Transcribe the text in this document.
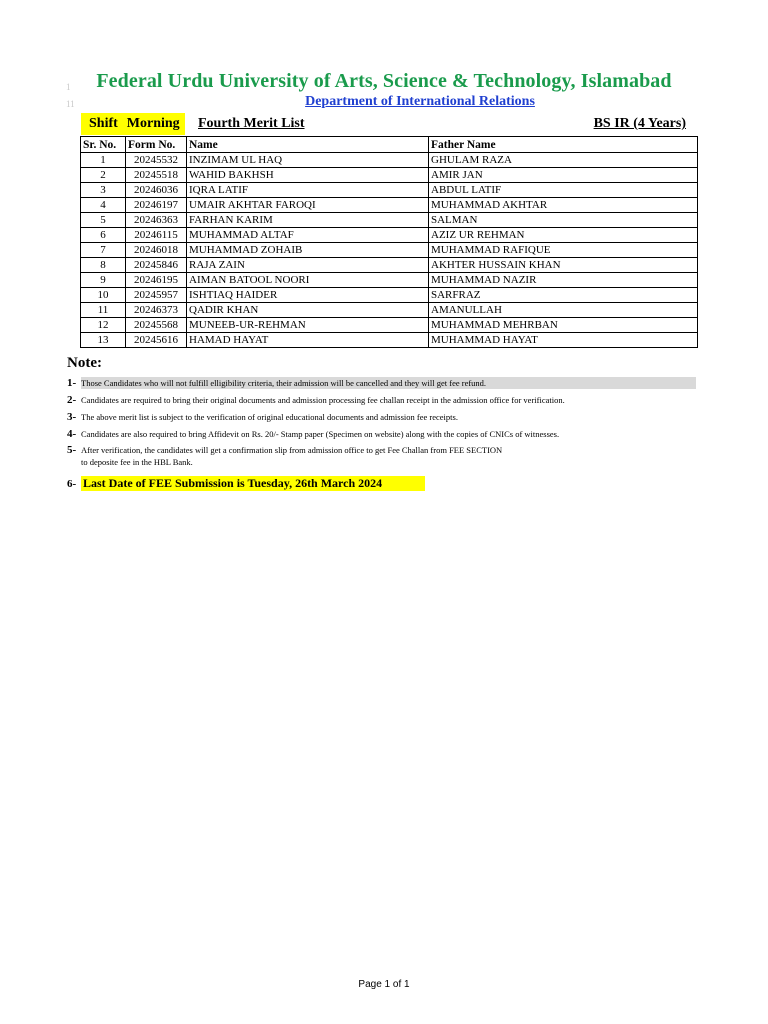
1
11
Federal Urdu University of Arts, Science & Technology, Islamabad
Department of International Relations
Shift Morning Fourth Merit List	BS IR (4 Years)
Sr. No.	Form No.	Name	Father Name
1	20245532	INZIMAM UL HAQ	GHULAM RAZA
2	20245518	WAHID BAKHSH	AMIR JAN
3	20246036	IQRA LATIF	ABDUL LATIF
4	20246197	UMAIR AKHTAR FAROQI	MUHAMMAD AKHTAR
5	20246363	FARHAN KARIM	SALMAN
6	20246115	MUHAMMAD ALTAF	AZIZ UR REHMAN
7	20246018	MUHAMMAD ZOHAIB	MUHAMMAD RAFIQUE
8	20245846	RAJA ZAIN	AKHTER HUSSAIN KHAN
9	20246195	AIMAN BATOOL NOORI	MUHAMMAD NAZIR
10	20245957	ISHTIAQ HAIDER	SARFRAZ
11	20246373	QADIR KHAN	AMANULLAH
12	20245568	MUNEEB-UR-REHMAN	MUHAMMAD MEHRBAN
13	20245616	HAMAD HAYAT	MUHAMMAD HAYAT
Note:
1- Those Candidates who will not fulfill elligibility criteria, their admission will be cancelled and they will get fee refund.
2- Candidates are required to bring their original documents and admission processing fee challan receipt in the admission office for verification.
3- The above merit list is subject to the verification of original educational documents and admission fee receipts.
4- Candidates are also required to bring Affidevit on Rs. 20/- Stamp paper (Specimen on website) along with the copies of CNICs of witnesses.
5- After verification, the candidates will get a confirmation slip from admission office to get Fee Challan from FEE SECTION
to deposite fee in the HBL Bank.
6- Last Date of FEE Submission is Tuesday, 26th March 2024
Page 1 of 1
